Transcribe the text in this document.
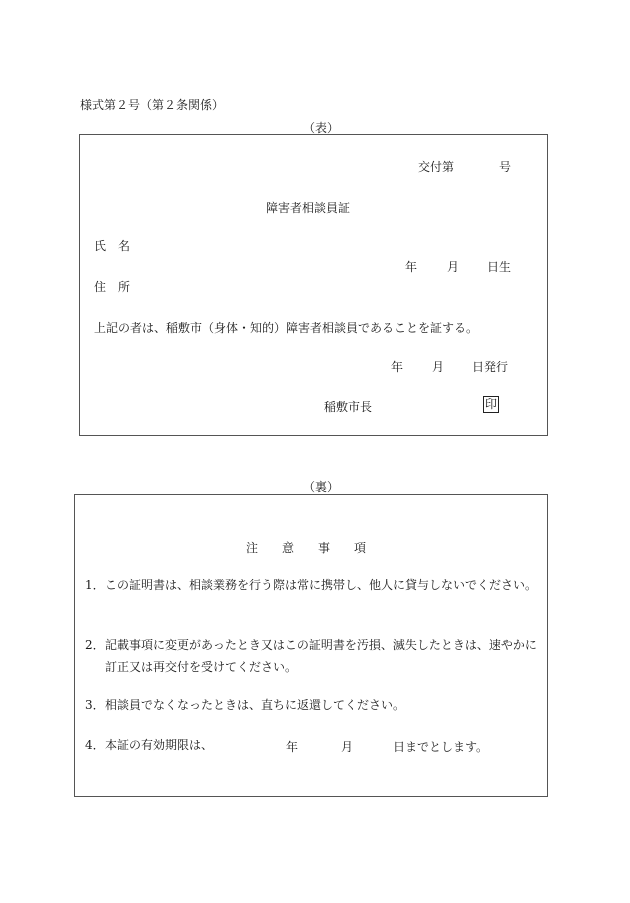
様式第２号（第２条関係）
（表）
交付第	号
障害者相談員証
氏　名
年 月 日生
住　所
上記の者は、稲敷市（身体・知的）障害者相談員であることを証する。
年 月 日発行
稲敷市長	印
（裏）
注　　意　　事　　項
1． この証明書は、相談業務を行う際は常に携帯し、他人に貸与しないでください。
2． 記載事項に変更があったとき又はこの証明書を汚損、滅失したときは、速やかに訂正又は再交付を受けてください。
3． 相談員でなくなったときは、直ちに返還してください。
4． 本証の有効期限は、	年	月	日までとします。
